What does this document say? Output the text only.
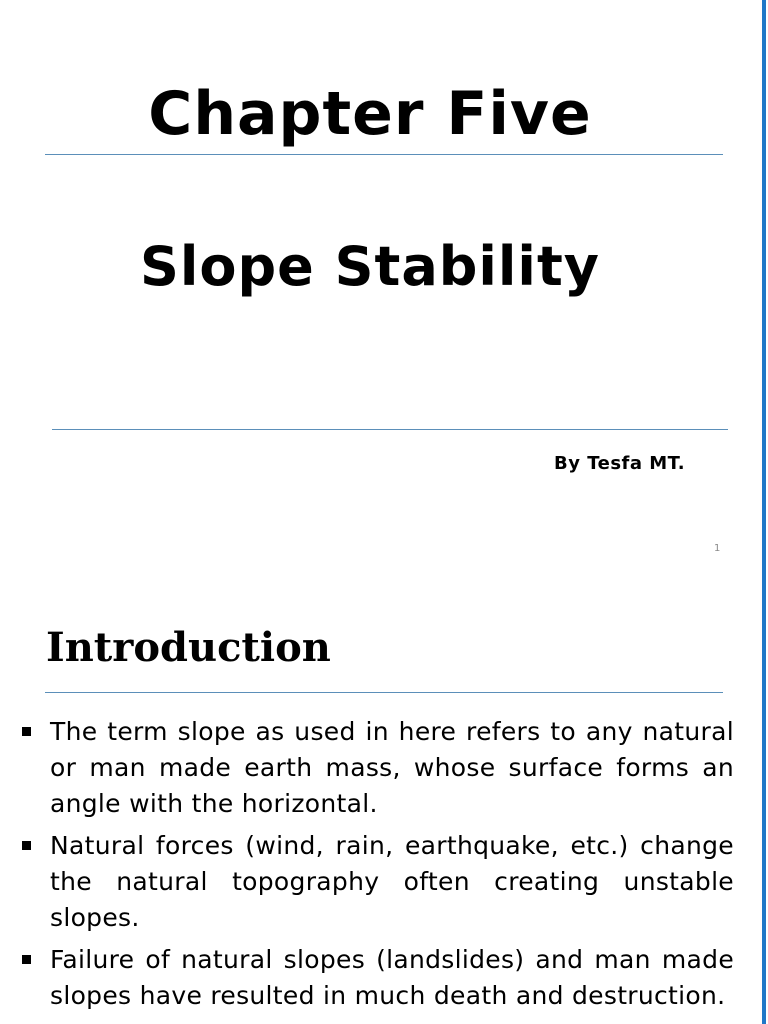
Chapter Five
Slope Stability
By Tesfa MT.
1
Introduction
The term slope as used in here refers to any natural or man made earth mass, whose surface forms an angle with the horizontal.
Natural forces (wind, rain, earthquake, etc.) change the natural topography often creating unstable slopes.
Failure of natural slopes (landslides) and man made slopes have resulted in much death and destruction.
